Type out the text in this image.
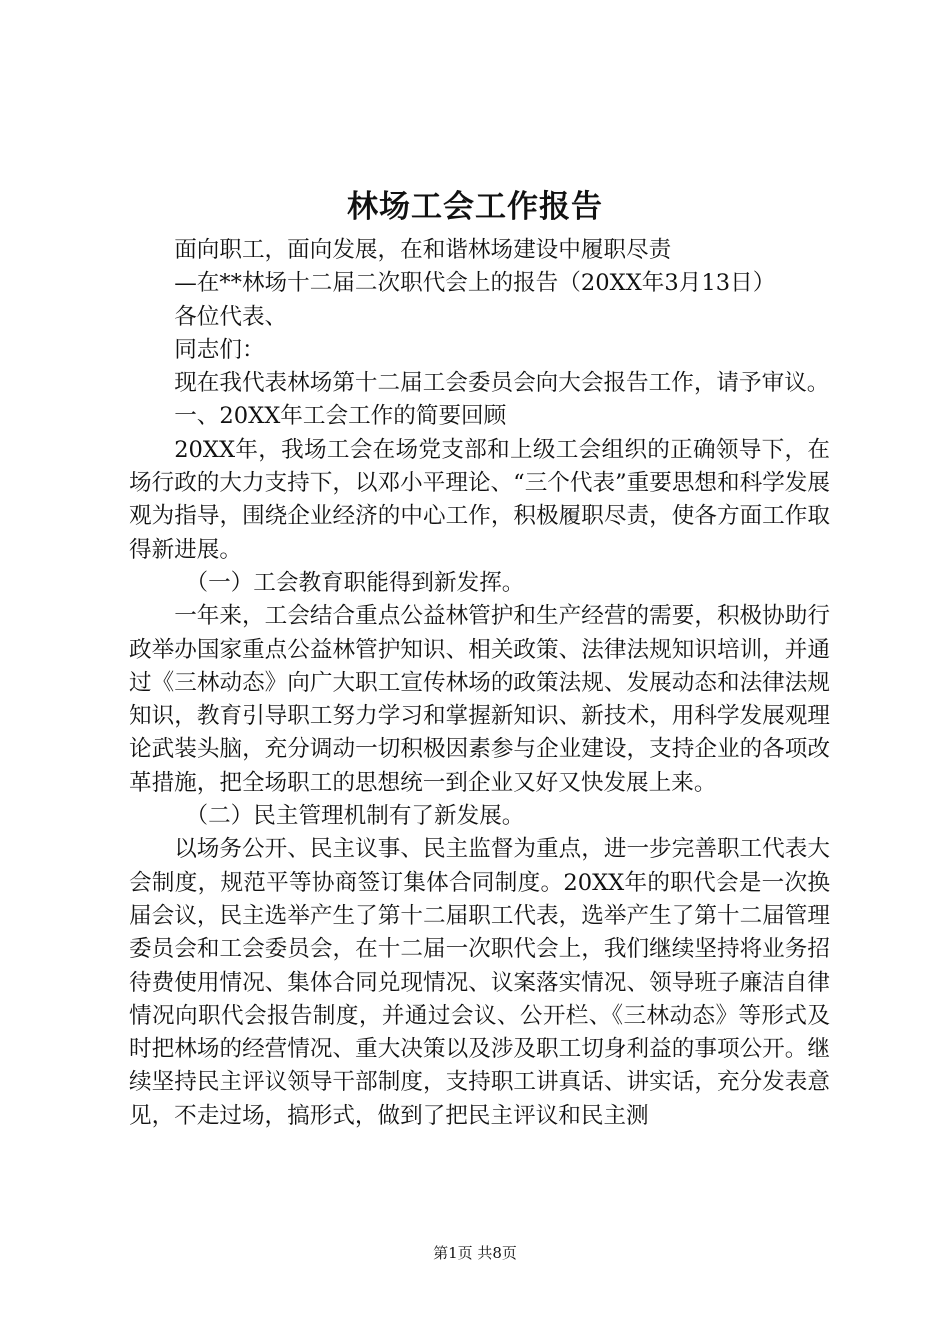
林场工会工作报告

面向职工，面向发展，在和谐林场建设中履职尽责

—在**林场十二届二次职代会上的报告（20XX年3月13日）

各位代表、

同志们：

现在我代表林场第十二届工会委员会向大会报告工作，请予审议。

一、20XX年工会工作的简要回顾

20XX年，我场工会在场党支部和上级工会组织的正确领导下，在场行政的大力支持下，以邓小平理论、“三个代表”重要思想和科学发展观为指导，围绕企业经济的中心工作，积极履职尽责，使各方面工作取得新进展。

（一）工会教育职能得到新发挥。

一年来，工会结合重点公益林管护和生产经营的需要，积极协助行政举办国家重点公益林管护知识、相关政策、法律法规知识培训，并通过《三林动态》向广大职工宣传林场的政策法规、发展动态和法律法规知识，教育引导职工努力学习和掌握新知识、新技术，用科学发展观理论武装头脑，充分调动一切积极因素参与企业建设，支持企业的各项改革措施，把全场职工的思想统一到企业又好又快发展上来。

（二）民主管理机制有了新发展。

以场务公开、民主议事、民主监督为重点，进一步完善职工代表大会制度，规范平等协商签订集体合同制度。20XX年的职代会是一次换届会议，民主选举产生了第十二届职工代表，选举产生了第十二届管理委员会和工会委员会，在十二届一次职代会上，我们继续坚持将业务招待费使用情况、集体合同兑现情况、议案落实情况、领导班子廉洁自律情况向职代会报告制度，并通过会议、公开栏、《三林动态》等形式及时把林场的经营情况、重大决策以及涉及职工切身利益的事项公开。继续坚持民主评议领导干部制度，支持职工讲真话、讲实话，充分发表意见，不走过场，搞形式，做到了把民主评议和民主测

第1页 共8页
